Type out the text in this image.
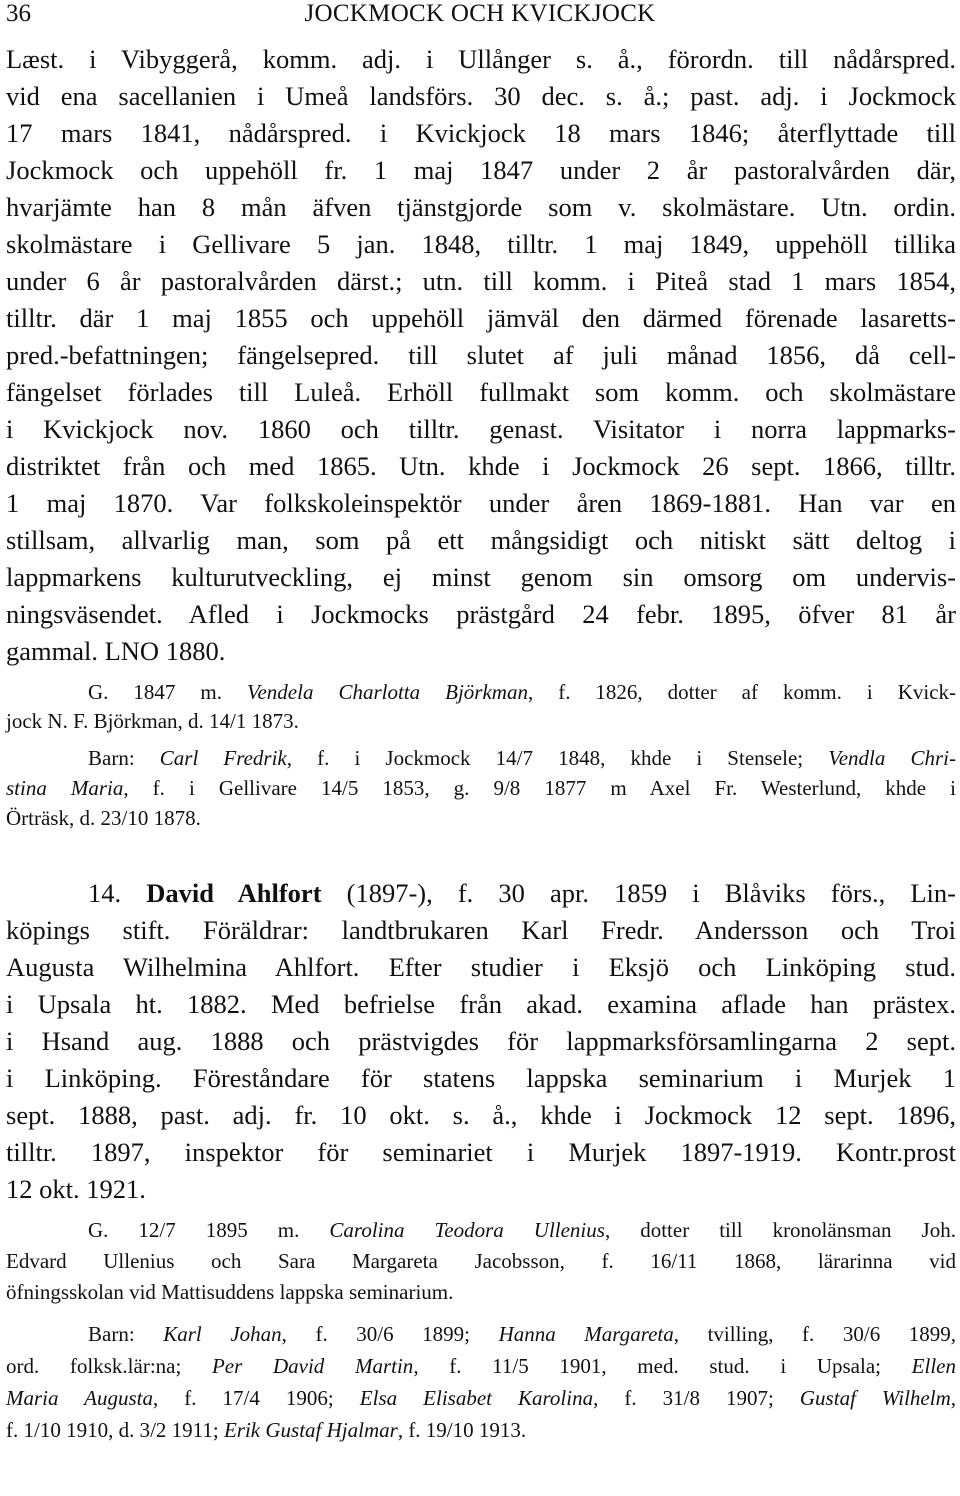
36	JOCKMOCK OCH KVICKJOCK
Læst. i Vibyggerå, komm. adj. i Ullånger s. å., förordn. till nådårspred.
vid ena sacellanien i Umeå landsförs. 30 dec. s. å.; past. adj. i Jockmock
17 mars 1841, nådårspred. i Kvickjock 18 mars 1846; återflyttade till
Jockmock och uppehöll fr. 1 maj 1847 under 2 år pastoralvården där,
hvarjämte han 8 mån äfven tjänstgjorde som v. skolmästare. Utn. ordin.
skolmästare i Gellivare 5 jan. 1848, tilltr. 1 maj 1849, uppehöll tillika
under 6 år pastoralvården därst.; utn. till komm. i Piteå stad 1 mars 1854,
tilltr. där 1 maj 1855 och uppehöll jämväl den därmed förenade lasaretts-
pred.-befattningen; fängelsepred. till slutet af juli månad 1856, då cell-
fängelset förlades till Luleå. Erhöll fullmakt som komm. och skolmästare
i Kvickjock nov. 1860 och tilltr. genast. Visitator i norra lappmarks-
distriktet från och med 1865. Utn. khde i Jockmock 26 sept. 1866, tilltr.
1 maj 1870. Var folkskoleinspektör under åren 1869-1881. Han var en
stillsam, allvarlig man, som på ett mångsidigt och nitiskt sätt deltog i
lappmarkens kulturutveckling, ej minst genom sin omsorg om undervis-
ningsväsendet. Afled i Jockmocks prästgård 24 febr. 1895, öfver 81 år
gammal. LNO 1880.
G. 1847 m. Vendela Charlotta Björkman, f. 1826, dotter af komm. i Kvick-
jock N. F. Björkman, d. 14/1 1873.
Barn: Carl Fredrik, f. i Jockmock 14/7 1848, khde i Stensele; Vendla Chri-
stina Maria, f. i Gellivare 14/5 1853, g. 9/8 1877 m Axel Fr. Westerlund, khde i
Örträsk, d. 23/10 1878.
14. David Ahlfort (1897-), f. 30 apr. 1859 i Blåviks förs., Lin-
köpings stift. Föräldrar: landtbrukaren Karl Fredr. Andersson och Troi
Augusta Wilhelmina Ahlfort. Efter studier i Eksjö och Linköping stud.
i Upsala ht. 1882. Med befrielse från akad. examina aflade han prästex.
i Hsand aug. 1888 och prästvigdes för lappmarksförsamlingarna 2 sept.
i Linköping. Föreståndare för statens lappska seminarium i Murjek 1
sept. 1888, past. adj. fr. 10 okt. s. å., khde i Jockmock 12 sept. 1896,
tilltr. 1897, inspektor för seminariet i Murjek 1897-1919. Kontr.prost
12 okt. 1921.
G. 12/7 1895 m. Carolina Teodora Ullenius, dotter till kronolänsman Joh.
Edvard Ullenius och Sara Margareta Jacobsson, f. 16/11 1868, lärarinna vid
öfningsskolan vid Mattisuddens lappska seminarium.
Barn: Karl Johan, f. 30/6 1899; Hanna Margareta, tvilling, f. 30/6 1899,
ord. folksk.lär:na; Per David Martin, f. 11/5 1901, med. stud. i Upsala; Ellen
Maria Augusta, f. 17/4 1906; Elsa Elisabet Karolina, f. 31/8 1907; Gustaf Wilhelm,
f. 1/10 1910, d. 3/2 1911; Erik Gustaf Hjalmar, f. 19/10 1913.
